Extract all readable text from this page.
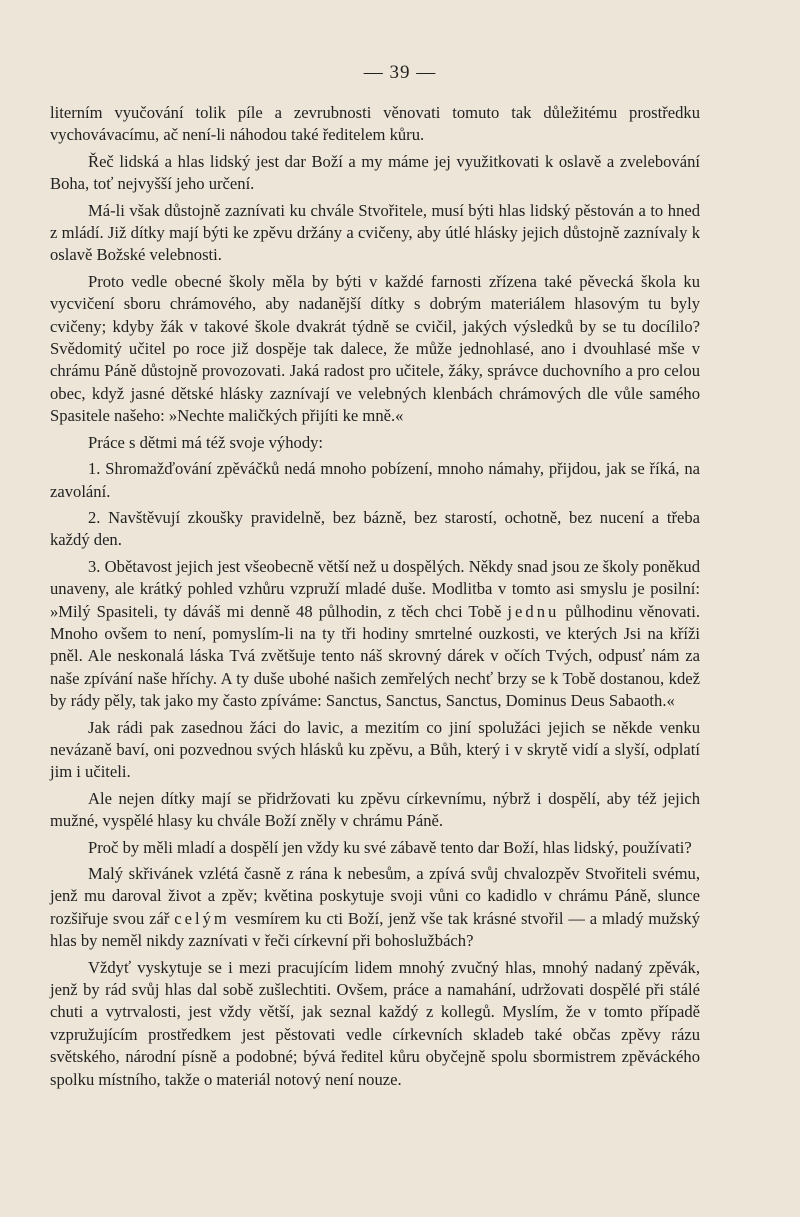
— 39 —

literním vyučování tolik píle a zevrubnosti věnovati tomuto tak důležitému prostředku vychovávacímu, ač není-li náhodou také ředitelem kůru.

Řeč lidská a hlas lidský jest dar Boží a my máme jej využitkovati k oslavě a zvelebování Boha, toť nejvyšší jeho určení.

Má-li však důstojně zaznívati ku chvále Stvořitele, musí býti hlas lidský pěstován a to hned z mládí. Již dítky mají býti ke zpěvu držány a cvičeny, aby útlé hlásky jejich důstojně zaznívaly k oslavě Božské velebnosti.

Proto vedle obecné školy měla by býti v každé farnosti zřízena také pěvecká škola ku vycvičení sboru chrámového, aby nadanější dítky s dobrým materiálem hlasovým tu byly cvičeny; kdyby žák v takové škole dvakrát týdně se cvičil, jakých výsledků by se tu docílilo? Svědomitý učitel po roce již dospěje tak dalece, že může jednohlasé, ano i dvouhlasé mše v chrámu Páně důstojně provozovati. Jaká radost pro učitele, žáky, správce duchovního a pro celou obec, když jasné dětské hlásky zaznívají ve velebných klenbách chrámových dle vůle samého Spasitele našeho: »Nechte maličkých přijíti ke mně.«

Práce s dětmi má též svoje výhody:

1. Shromažďování zpěváčků nedá mnoho pobízení, mnoho námahy, přijdou, jak se říká, na zavolání.

2. Navštěvují zkoušky pravidelně, bez bázně, bez starostí, ochotně, bez nucení a třeba každý den.

3. Obětavost jejich jest všeobecně větší než u dospělých. Někdy snad jsou ze školy poněkud unaveny, ale krátký pohled vzhůru vzpruží mladé duše. Modlitba v tomto asi smyslu je posilní: »Milý Spasiteli, ty dáváš mi denně 48 půlhodin, z těch chci Tobě jednu půlhodinu věnovati. Mnoho ovšem to není, pomyslím-li na ty tři hodiny smrtelné ouzkosti, ve kterých Jsi na kříži pněl. Ale neskonalá láska Tvá zvětšuje tento náš skrovný dárek v očích Tvých, odpusť nám za naše zpívání naše hříchy. A ty duše ubohé našich zemřelých nechť brzy se k Tobě dostanou, kdež by rády pěly, tak jako my často zpíváme: Sanctus, Sanctus, Sanctus, Dominus Deus Sabaoth.«

Jak rádi pak zasednou žáci do lavic, a mezitím co jiní spolužáci jejich se někde venku nevázaně baví, oni pozvednou svých hlásků ku zpěvu, a Bůh, který i v skrytě vidí a slyší, odplatí jim i učiteli.

Ale nejen dítky mají se přidržovati ku zpěvu církevnímu, nýbrž i dospělí, aby též jejich mužné, vyspělé hlasy ku chvále Boží zněly v chrámu Páně.

Proč by měli mladí a dospělí jen vždy ku své zábavě tento dar Boží, hlas lidský, používati?

Malý skřivánek vzlétá časně z rána k nebesům, a zpívá svůj chvalozpěv Stvořiteli svému, jenž mu daroval život a zpěv; květina poskytuje svoji vůni co kadidlo v chrámu Páně, slunce rozšiřuje svou zář celým vesmírem ku cti Boží, jenž vše tak krásné stvořil — a mladý mužský hlas by neměl nikdy zaznívati v řeči církevní při bohoslužbách?

Vždyť vyskytuje se i mezi pracujícím lidem mnohý zvučný hlas, mnohý nadaný zpěvák, jenž by rád svůj hlas dal sobě zušlechtiti. Ovšem, práce a namahání, udržovati dospělé při stálé chuti a vytrvalosti, jest vždy větší, jak seznal každý z kollegů. Myslím, že v tomto případě vzpružujícím prostředkem jest pěstovati vedle církevních skladeb také občas zpěvy rázu světského, národní písně a podobné; bývá ředitel kůru obyčejně spolu sbormistrem zpěváckého spolku místního, takže o materiál notový není nouze.
